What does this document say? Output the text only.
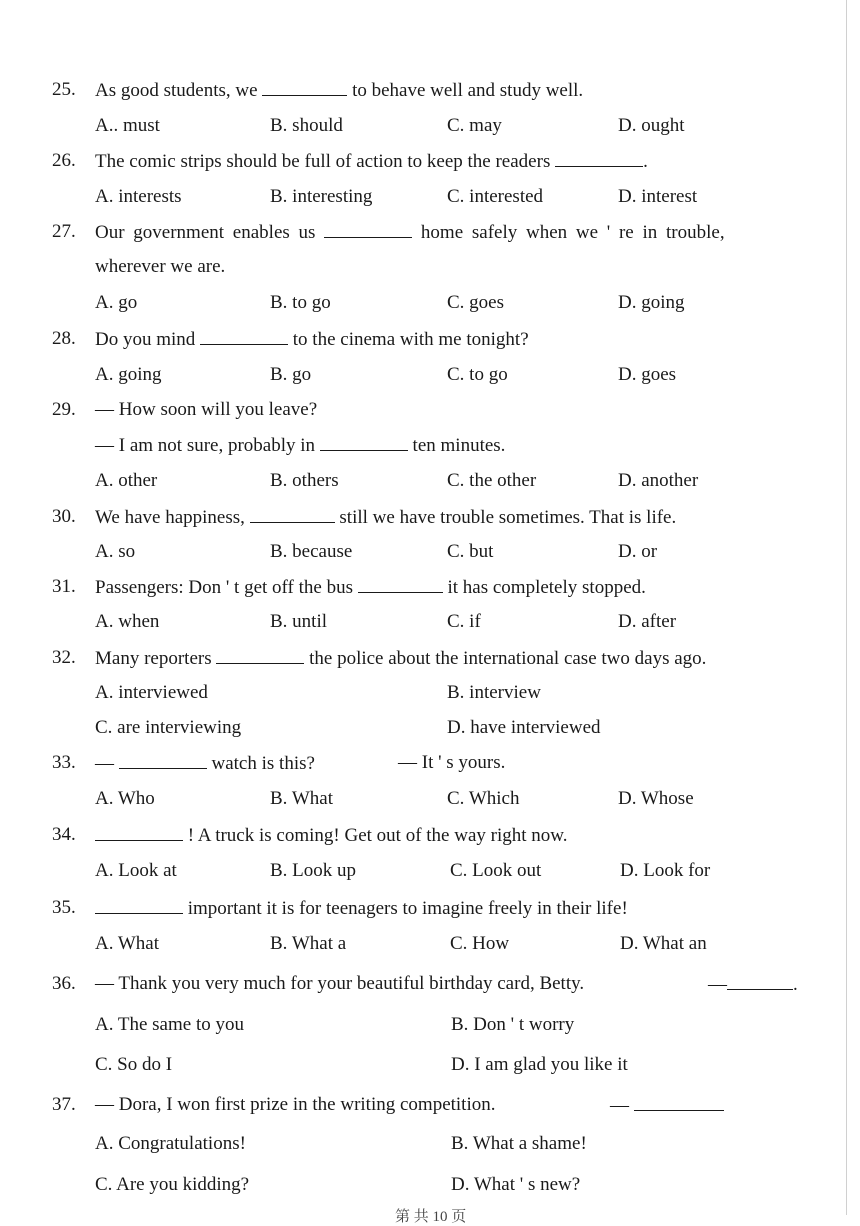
25. As good students, we	to behave well and study well.
A.. must	B. should	C. may	D. ought
26. The comic strips should be full of action to keep the readers	.
A. interests	B. interesting	C. interested	D. interest
27. Our government enables us	home safely when we ' re in trouble,
wherever we are.
A. go	B. to go	C. goes	D. going
28. Do you mind	to the cinema with me tonight?
A. going	B. go	C. to go	D. goes
29. — How soon will you leave?
— I am not sure, probably in	ten minutes.
A. other	B. others	C. the other	D. another
30. We have happiness,	still we have trouble sometimes. That is life.
A. so	B. because	C. but	D. or
31. Passengers: Don ' t get off the bus	it has completely stopped.
A. when	B. until	C. if	D. after
32. Many reporters	the police about the international case two days ago.
A. interviewed	B. interview
C. are interviewing	D. have interviewed
33. —	watch is this?	— It ' s yours.
A. Who	B. What	C. Which	D. Whose
34.	! A truck is coming! Get out of the way right now.
A. Look at	B. Look up	C. Look out	D. Look for
35.	important it is for teenagers to imagine freely in their life!
A. What	B. What a	C. How	D. What an
36. — Thank you very much for your beautiful birthday card, Betty.	—	.
A. The same to you	B. Don ' t worry
C. So do I	D. I am glad you like it
37. — Dora, I won first prize in the writing competition.	—
A. Congratulations!	B. What a shame!
C. Are you kidding?	D. What ' s new?
第 共 10 页
